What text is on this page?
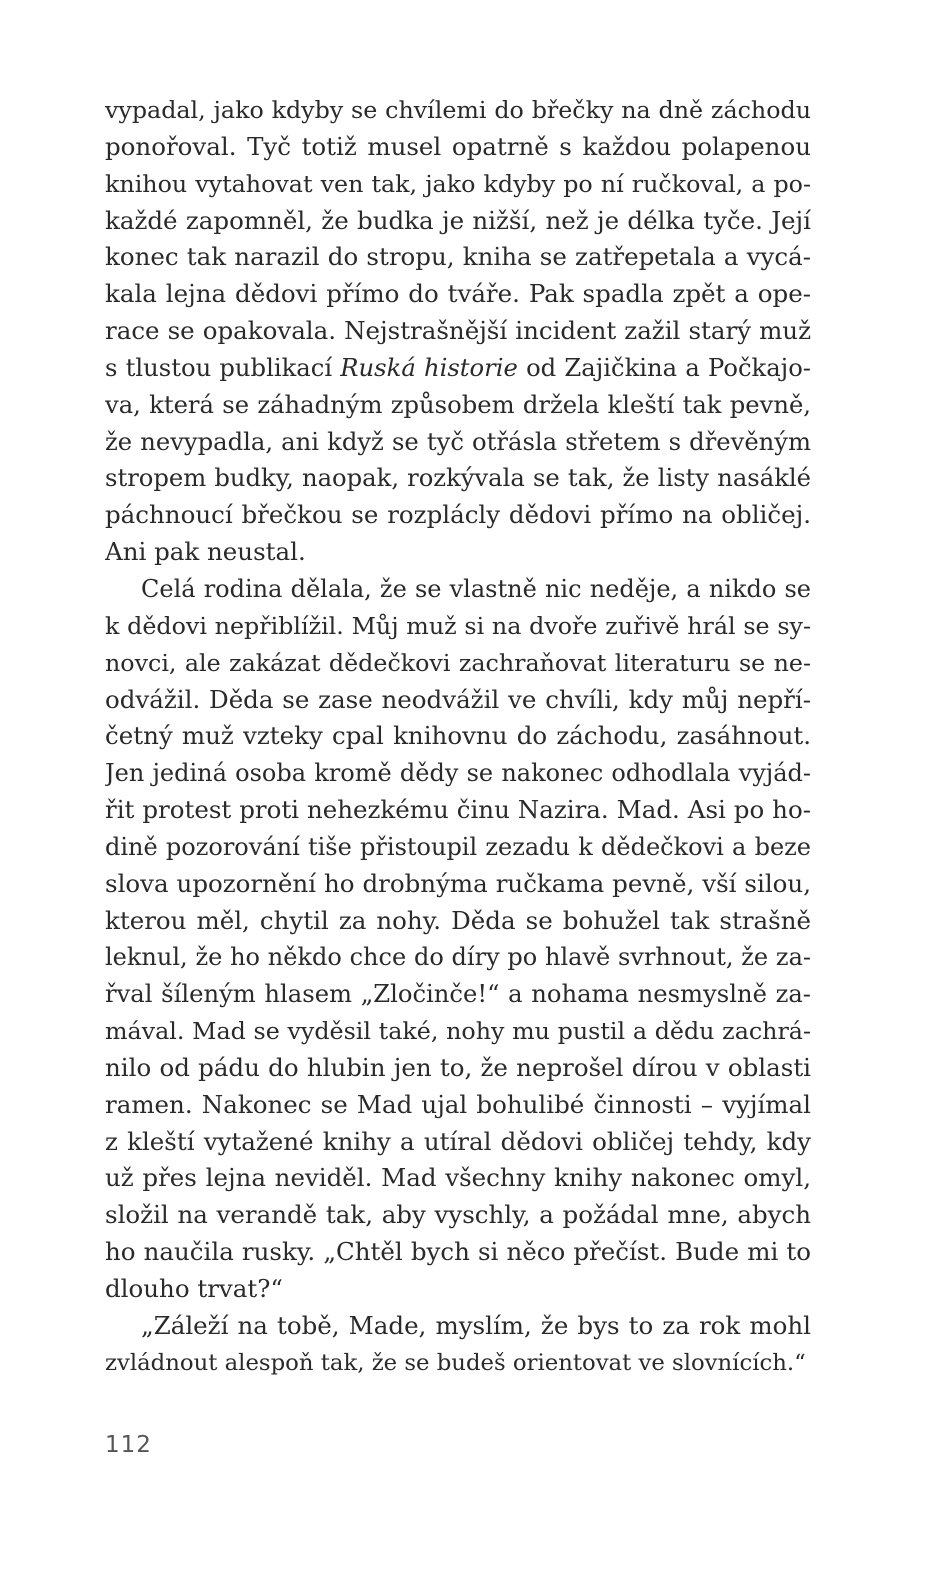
vypadal, jako kdyby se chvílemi do břečky na dně záchodu
ponořoval. Tyč totiž musel opatrně s každou polapenou
knihou vytahovat ven tak, jako kdyby po ní ručkoval, a po-
každé zapomněl, že budka je nižší, než je délka tyče. Její
konec tak narazil do stropu, kniha se zatřepetala a vycá-
kala lejna dědovi přímo do tváře. Pak spadla zpět a ope-
race se opakovala. Nejstrašnější incident zažil starý muž
s tlustou publikací Ruská historie od Zajičkina a Počkajo-
va, která se záhadným způsobem držela kleští tak pevně,
že nevypadla, ani když se tyč otřásla střetem s dřevěným
stropem budky, naopak, rozkývala se tak, že listy nasáklé
páchnoucí břečkou se rozplácly dědovi přímo na obličej.
Ani pak neustal.
Celá rodina dělala, že se vlastně nic neděje, a nikdo se
k dědovi nepřiblížil. Můj muž si na dvoře zuřivě hrál se sy-
novci, ale zakázat dědečkovi zachraňovat literaturu se ne-
odvážil. Děda se zase neodvážil ve chvíli, kdy můj nepří-
četný muž vzteky cpal knihovnu do záchodu, zasáhnout.
Jen jediná osoba kromě dědy se nakonec odhodlala vyjád-
řit protest proti nehezkému činu Nazira. Mad. Asi po ho-
dině pozorování tiše přistoupil zezadu k dědečkovi a beze
slova upozornění ho drobnýma ručkama pevně, vší silou,
kterou měl, chytil za nohy. Děda se bohužel tak strašně
leknul, že ho někdo chce do díry po hlavě svrhnout, že za-
řval šíleným hlasem „Zločinče!“ a nohama nesmyslně za-
mával. Mad se vyděsil také, nohy mu pustil a dědu zachrá-
nilo od pádu do hlubin jen to, že neprošel dírou v oblasti
ramen. Nakonec se Mad ujal bohulibé činnosti – vyjímal
z kleští vytažené knihy a utíral dědovi obličej tehdy, kdy
už přes lejna neviděl. Mad všechny knihy nakonec omyl,
složil na verandě tak, aby vyschly, a požádal mne, abych
ho naučila rusky. „Chtěl bych si něco přečíst. Bude mi to
dlouho trvat?“
„Záleží na tobě, Made, myslím, že bys to za rok mohl
zvládnout alespoň tak, že se budeš orientovat ve slovnících.“
112
